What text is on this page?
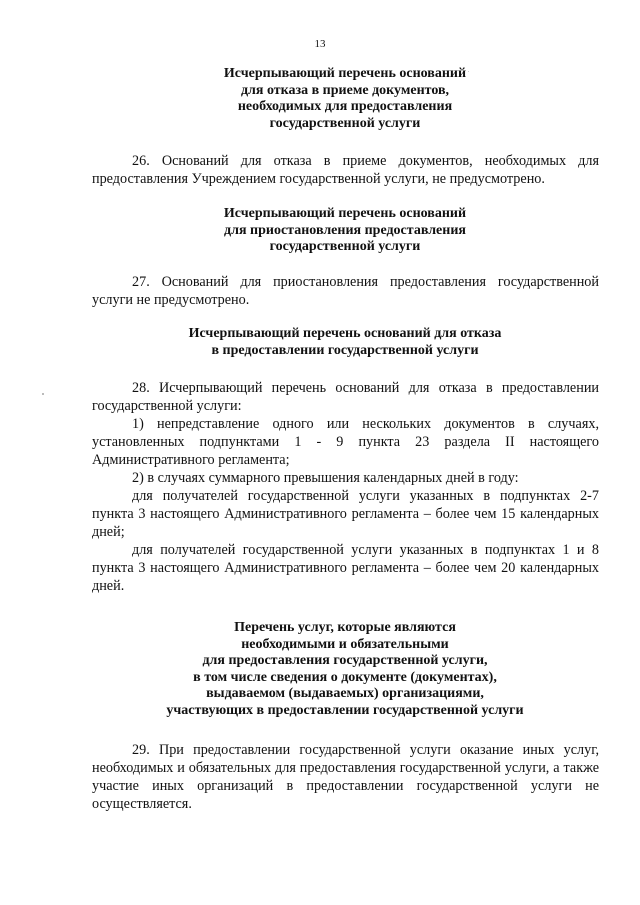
13
Исчерпывающий перечень оснований
для отказа в приеме документов,
необходимых для предоставления
государственной услуги
26. Оснований для отказа в приеме документов, необходимых для предоставления Учреждением государственной услуги, не предусмотрено.
Исчерпывающий перечень оснований
для приостановления предоставления
государственной услуги
27. Оснований для приостановления предоставления государственной услуги не предусмотрено.
Исчерпывающий перечень оснований для отказа
в предоставлении государственной услуги
28. Исчерпывающий перечень оснований для отказа в предоставлении государственной услуги:
1) непредставление одного или нескольких документов в случаях, установленных подпунктами 1 - 9 пункта 23 раздела II настоящего Административного регламента;
2) в случаях суммарного превышения календарных дней в году:
для получателей государственной услуги указанных в подпунктах 2-7 пункта 3 настоящего Административного регламента – более чем 15 календарных дней;
для получателей государственной услуги указанных в подпунктах 1 и 8 пункта 3 настоящего Административного регламента – более чем 20 календарных дней.
Перечень услуг, которые являются
необходимыми и обязательными
для предоставления государственной услуги,
в том числе сведения о документе (документах),
выдаваемом (выдаваемых) организациями,
участвующих в предоставлении государственной услуги
29. При предоставлении государственной услуги оказание иных услуг, необходимых и обязательных для предоставления государственной услуги, а также участие иных организаций в предоставлении государственной услуги не осуществляется.
